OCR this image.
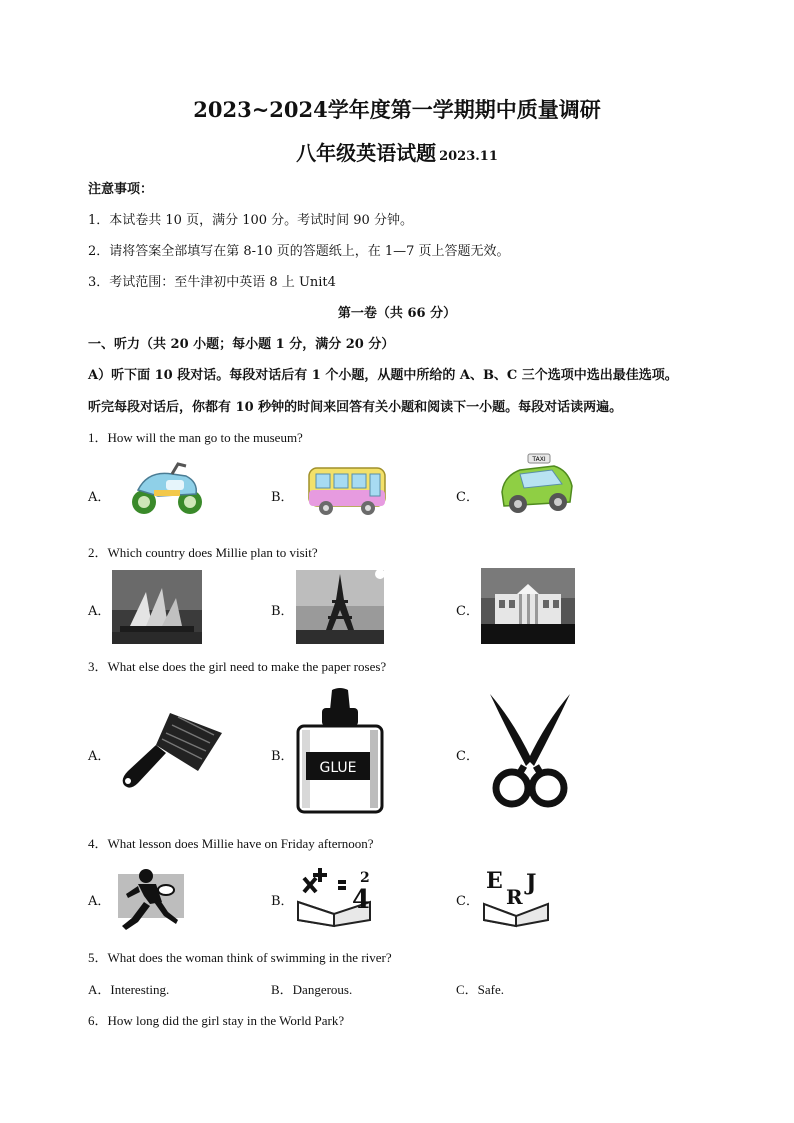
2023~2024学年度第一学期期中质量调研
八年级英语试题 2023.11
注意事项：
1．本试卷共 10 页，满分 100 分。考试时间 90 分钟。
2．请将答案全部填写在第 8-10 页的答题纸上，在 1—7 页上答题无效。
3．考试范围：至牛津初中英语 8 上 Unit4
第一卷（共 66 分）
一、听力（共 20 小题；每小题 1 分，满分 20 分）
A）听下面 10 段对话。每段对话后有 1 个小题，从题中所给的 A、B、C 三个选项中选出最佳选项。
听完每段对话后，你都有 10 秒钟的时间来回答有关小题和阅读下一小题。每段对话读两遍。
1．How will the man go to the museum?
A．	B．	C．
TAXI
2．Which country does Millie plan to visit?
A．	B．	C．
3．What else does the girl need to make the paper roses?
A．	B．	C．
GLUE
4．What lesson does Millie have on Friday afternoon?
A．	B．	C．
4
2	E
R
J
5．What does the woman think of swimming in the river?
A．Interesting.	B．Dangerous.	C．Safe.
6．How long did the girl stay in the World Park?
